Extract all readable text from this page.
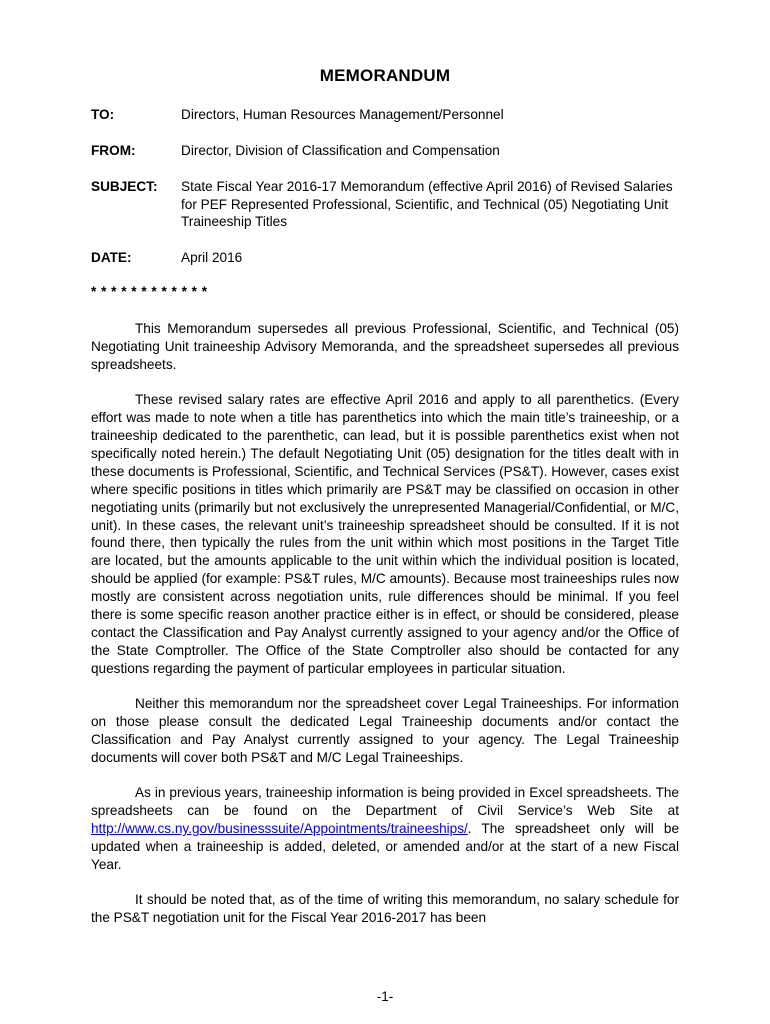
MEMORANDUM
TO:	Directors, Human Resources Management/Personnel
FROM:	Director, Division of Classification and Compensation
SUBJECT:	State Fiscal Year 2016-17 Memorandum (effective April 2016) of Revised Salaries for PEF Represented Professional, Scientific, and Technical (05) Negotiating Unit Traineeship Titles
DATE:	April 2016
* * * * * * * * * * * *

This Memorandum supersedes all previous Professional, Scientific, and Technical (05) Negotiating Unit traineeship Advisory Memoranda, and the spreadsheet supersedes all previous spreadsheets.

These revised salary rates are effective April 2016 and apply to all parenthetics. (Every effort was made to note when a title has parenthetics into which the main title’s traineeship, or a traineeship dedicated to the parenthetic, can lead, but it is possible parenthetics exist when not specifically noted herein.) The default Negotiating Unit (05) designation for the titles dealt with in these documents is Professional, Scientific, and Technical Services (PS&T). However, cases exist where specific positions in titles which primarily are PS&T may be classified on occasion in other negotiating units (primarily but not exclusively the unrepresented Managerial/Confidential, or M/C, unit). In these cases, the relevant unit’s traineeship spreadsheet should be consulted. If it is not found there, then typically the rules from the unit within which most positions in the Target Title are located, but the amounts applicable to the unit within which the individual position is located, should be applied (for example: PS&T rules, M/C amounts). Because most traineeships rules now mostly are consistent across negotiation units, rule differences should be minimal. If you feel there is some specific reason another practice either is in effect, or should be considered, please contact the Classification and Pay Analyst currently assigned to your agency and/or the Office of the State Comptroller. The Office of the State Comptroller also should be contacted for any questions regarding the payment of particular employees in particular situation.

Neither this memorandum nor the spreadsheet cover Legal Traineeships. For information on those please consult the dedicated Legal Traineeship documents and/or contact the Classification and Pay Analyst currently assigned to your agency. The Legal Traineeship documents will cover both PS&T and M/C Legal Traineeships.

As in previous years, traineeship information is being provided in Excel spreadsheets. The spreadsheets can be found on the Department of Civil Service’s Web Site at http://www.cs.ny.gov/businesssuite/Appointments/traineeships/. The spreadsheet only will be updated when a traineeship is added, deleted, or amended and/or at the start of a new Fiscal Year.

It should be noted that, as of the time of writing this memorandum, no salary schedule for the PS&T negotiation unit for the Fiscal Year 2016-2017 has been

-1-
